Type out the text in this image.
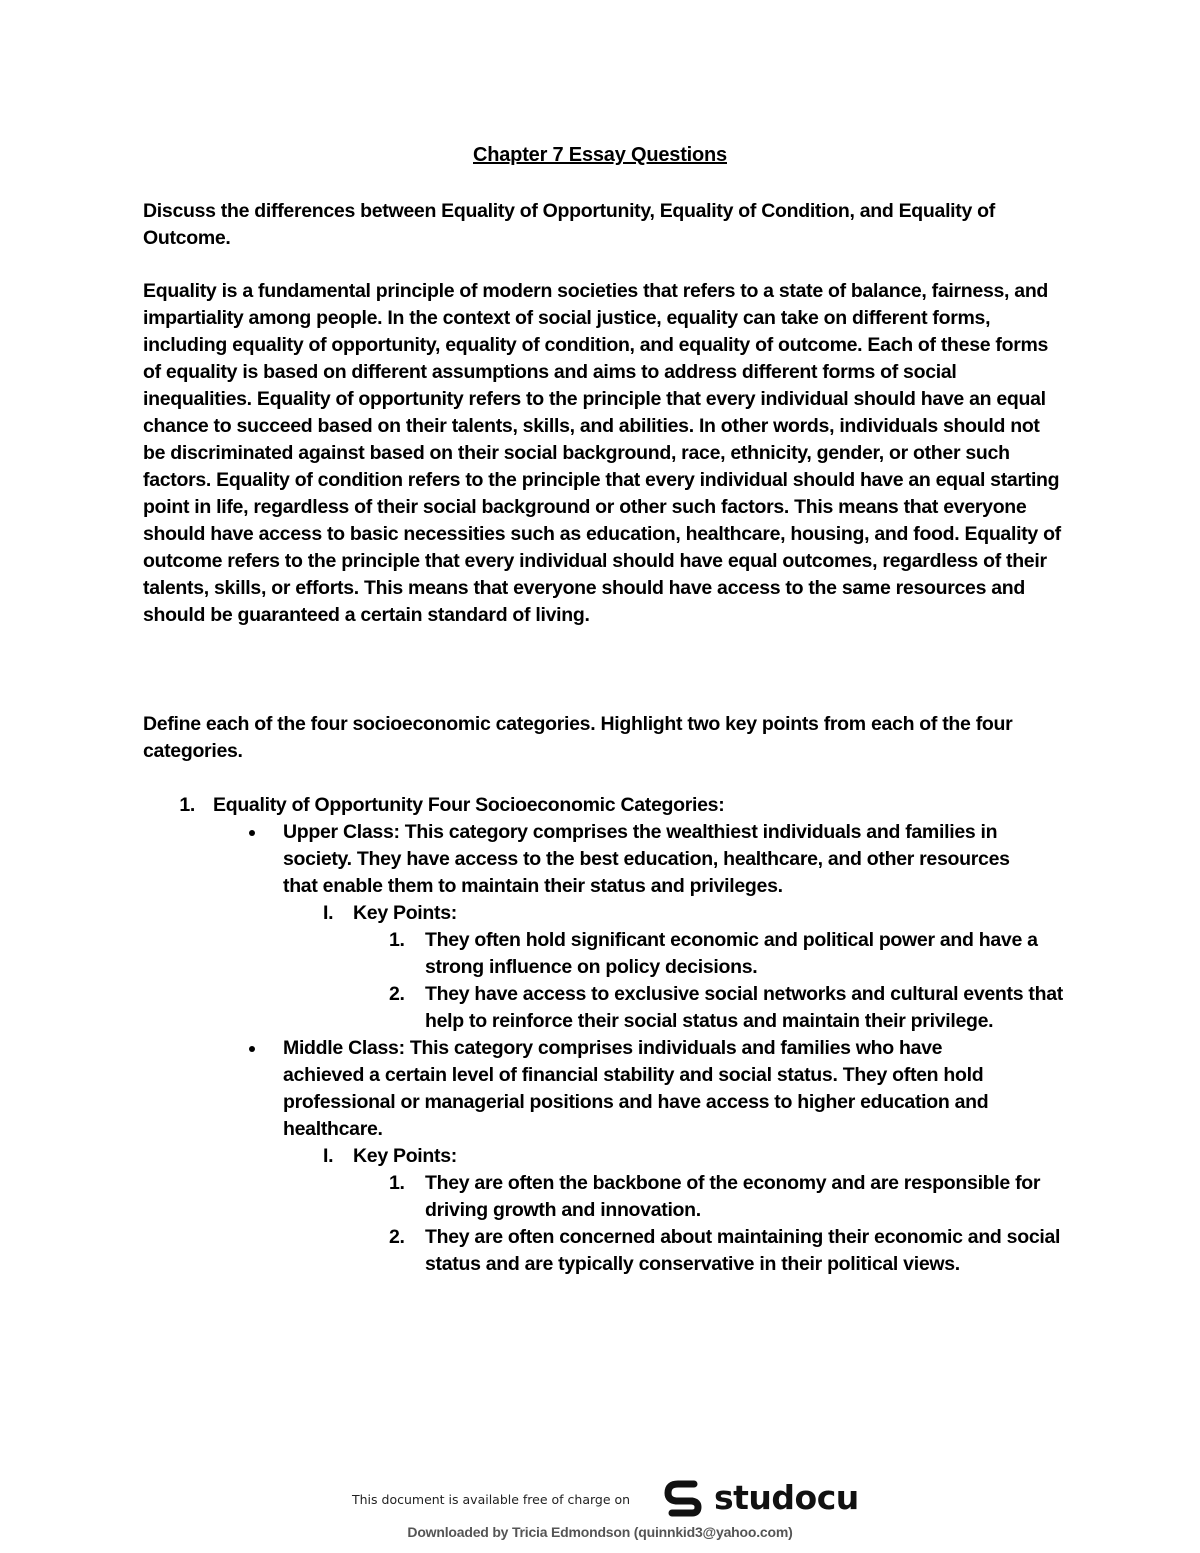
Chapter 7 Essay Questions
Discuss the differences between Equality of Opportunity, Equality of Condition, and Equality of Outcome.
Equality is a fundamental principle of modern societies that refers to a state of balance, fairness, and impartiality among people. In the context of social justice, equality can take on different forms, including equality of opportunity, equality of condition, and equality of outcome. Each of these forms of equality is based on different assumptions and aims to address different forms of social inequalities. Equality of opportunity refers to the principle that every individual should have an equal chance to succeed based on their talents, skills, and abilities. In other words, individuals should not be discriminated against based on their social background, race, ethnicity, gender, or other such factors. Equality of condition refers to the principle that every individual should have an equal starting point in life, regardless of their social background or other such factors. This means that everyone should have access to basic necessities such as education, healthcare, housing, and food. Equality of outcome refers to the principle that every individual should have equal outcomes, regardless of their talents, skills, or efforts. This means that everyone should have access to the same resources and should be guaranteed a certain standard of living.
Define each of the four socioeconomic categories. Highlight two key points from each of the four categories.
1. Equality of Opportunity Four Socioeconomic Categories:
Upper Class: This category comprises the wealthiest individuals and families in society. They have access to the best education, healthcare, and other resources that enable them to maintain their status and privileges.
I. Key Points:
1. They often hold significant economic and political power and have a strong influence on policy decisions.
2. They have access to exclusive social networks and cultural events that help to reinforce their social status and maintain their privilege.
Middle Class: This category comprises individuals and families who have achieved a certain level of financial stability and social status. They often hold professional or managerial positions and have access to higher education and healthcare.
I. Key Points:
1. They are often the backbone of the economy and are responsible for driving growth and innovation.
2. They are often concerned about maintaining their economic and social status and are typically conservative in their political views.
This document is available free of charge on	studocu
Downloaded by Tricia Edmondson (quinnkid3@yahoo.com)
